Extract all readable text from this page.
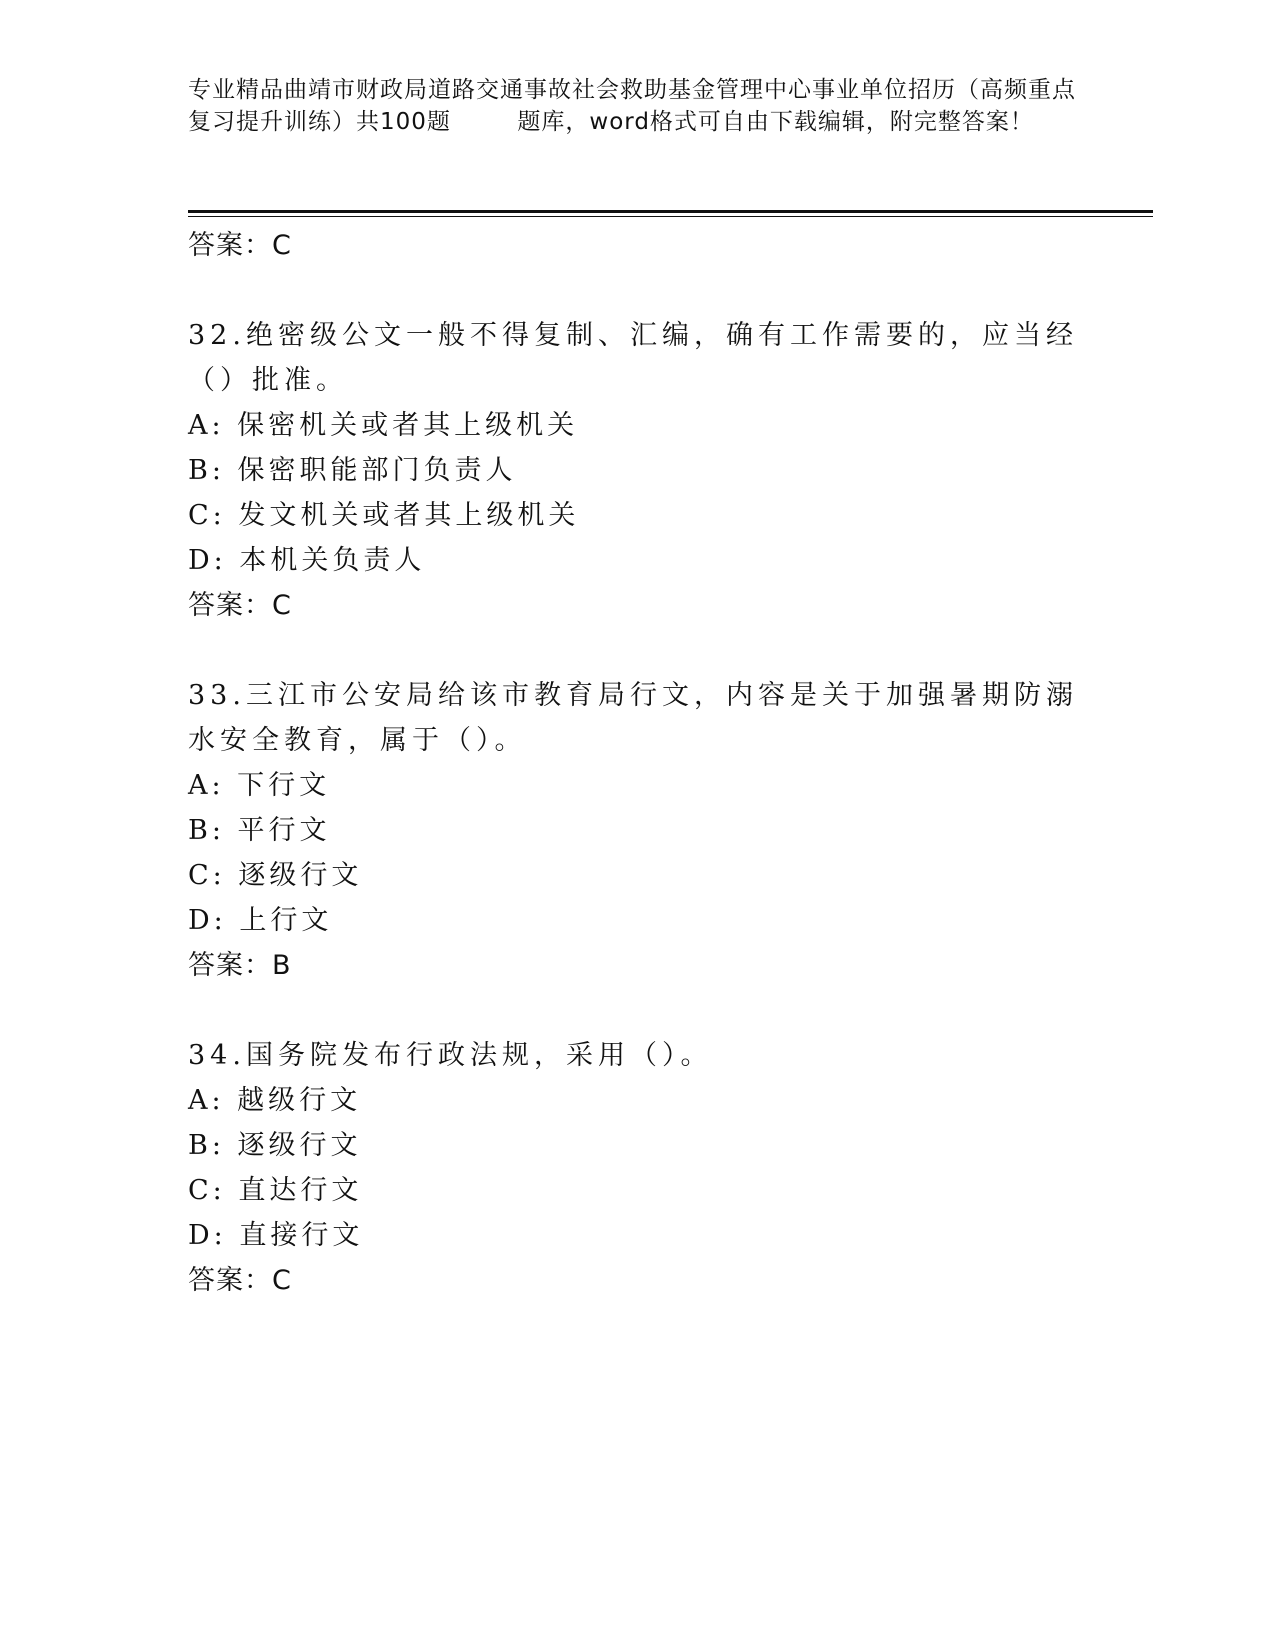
专业精品曲靖市财政局道路交通事故社会救助基金管理中心事业单位招历（高频重点复习提升训练）共100题        题库，word格式可自由下载编辑，附完整答案！
答案：C
32.绝密级公文一般不得复制、汇编，确有工作需要的，应当经（）批准。
A: 保密机关或者其上级机关
B: 保密职能部门负责人
C: 发文机关或者其上级机关
D: 本机关负责人
答案：C
33.三江市公安局给该市教育局行文，内容是关于加强暑期防溺水安全教育，属于（）。
A: 下行文
B: 平行文
C: 逐级行文
D: 上行文
答案：B
34.国务院发布行政法规，采用（）。
A: 越级行文
B: 逐级行文
C: 直达行文
D: 直接行文
答案：C
